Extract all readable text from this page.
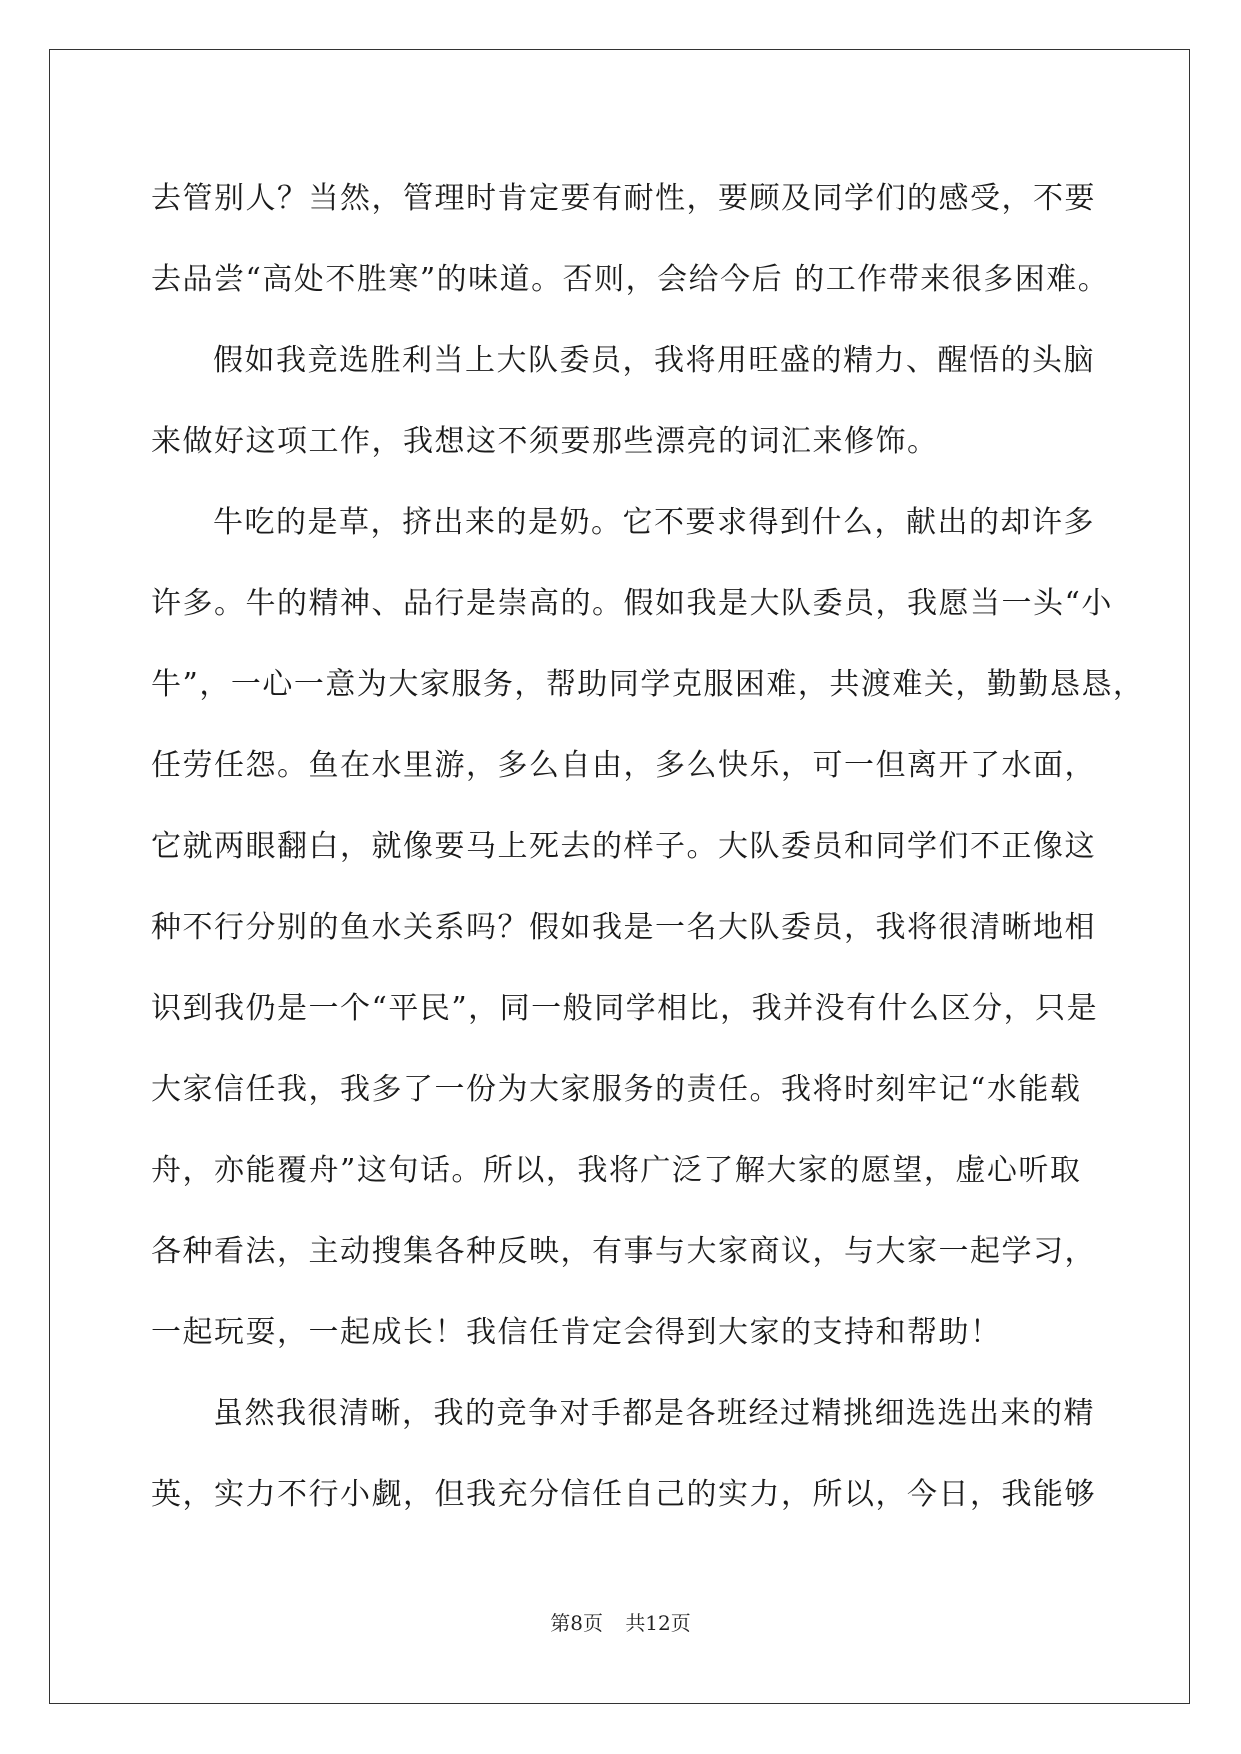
去管别人？当然，管理时肯定要有耐性，要顾及同学们的感受，不要
去品尝“高处不胜寒”的味道。否则，会给今后 的工作带来很多困难。
假如我竞选胜利当上大队委员，我将用旺盛的精力、醒悟的头脑
来做好这项工作，我想这不须要那些漂亮的词汇来修饰。
牛吃的是草，挤出来的是奶。它不要求得到什么，献出的却许多
许多。牛的精神、品行是崇高的。假如我是大队委员，我愿当一头“小
牛”，一心一意为大家服务，帮助同学克服困难，共渡难关，勤勤恳恳，
任劳任怨。鱼在水里游，多么自由，多么快乐，可一但离开了水面，
它就两眼翻白，就像要马上死去的样子。大队委员和同学们不正像这
种不行分别的鱼水关系吗？假如我是一名大队委员，我将很清晰地相
识到我仍是一个“平民”，同一般同学相比，我并没有什么区分，只是
大家信任我，我多了一份为大家服务的责任。我将时刻牢记“水能载
舟，亦能覆舟”这句话。所以，我将广泛了解大家的愿望，虚心听取
各种看法，主动搜集各种反映，有事与大家商议，与大家一起学习，
一起玩耍，一起成长！我信任肯定会得到大家的支持和帮助！
虽然我很清晰，我的竞争对手都是各班经过精挑细选选出来的精
英，实力不行小觑，但我充分信任自己的实力，所以，今日，我能够
第8页 共12页
